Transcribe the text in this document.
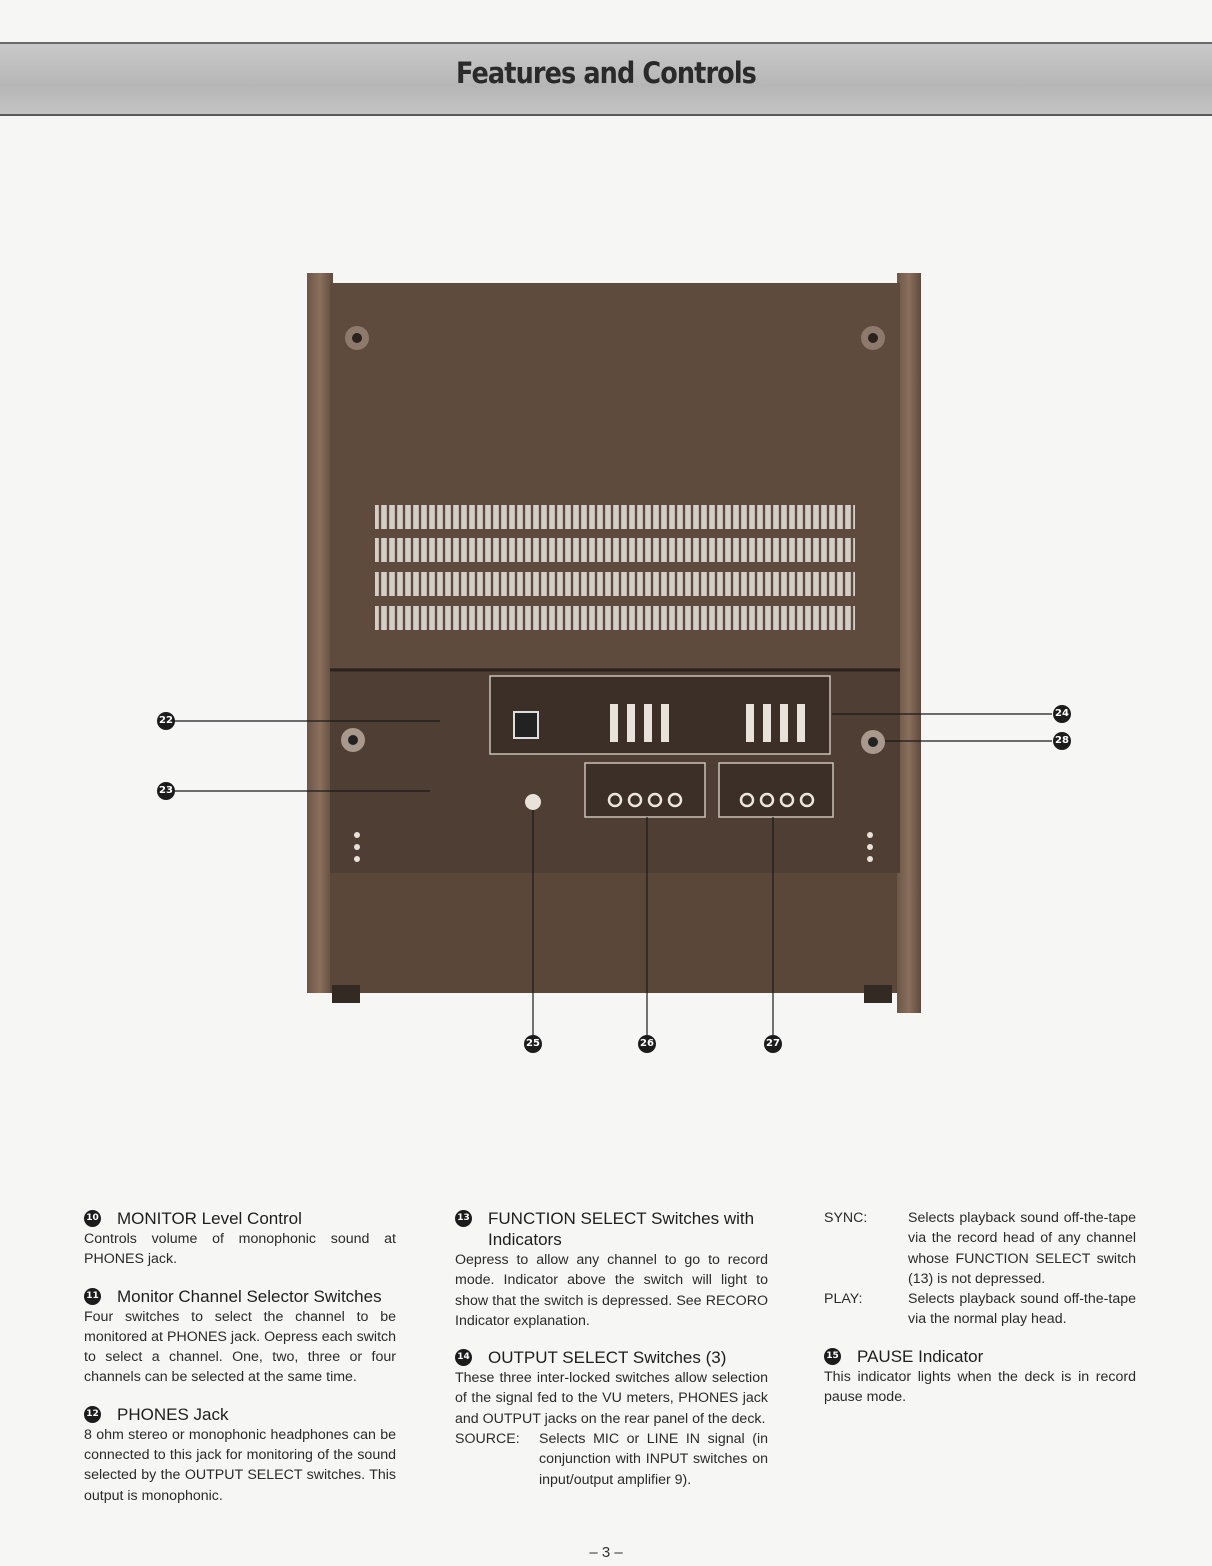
Features and Controls
22
23
24
25	26	27
28
10 MONITOR Level Control
Controls volume of monophonic sound at PHONES jack.
11 Monitor Channel Selector Switches
Four switches to select the channel to be monitored at PHONES jack. Oepress each switch to select a channel. One, two, three or four channels can be selected at the same time.
12 PHONES Jack
8 ohm stereo or monophonic headphones can be connected to this jack for monitoring of the sound selected by the OUTPUT SELECT switches. This output is monophonic.
13 FUNCTION SELECT Switches with Indicators
Oepress to allow any channel to go to record mode. Indicator above the switch will light to show that the switch is depressed. See RECORO Indicator explanation.
14 OUTPUT SELECT Switches (3)
These three inter-locked switches allow selection of the signal fed to the VU meters, PHONES jack and OUTPUT jacks on the rear panel of the deck.
SOURCE:	Selects MIC or LINE IN signal (in conjunction with INPUT switches on input/output amplifier 9).
SYNC:	Selects playback sound off-the-tape via the record head of any channel whose FUNCTION SELECT switch (13) is not depressed.
PLAY:	Selects playback sound off-the-tape via the normal play head.
15 PAUSE Indicator
This indicator lights when the deck is in record pause mode.
– 3 –
